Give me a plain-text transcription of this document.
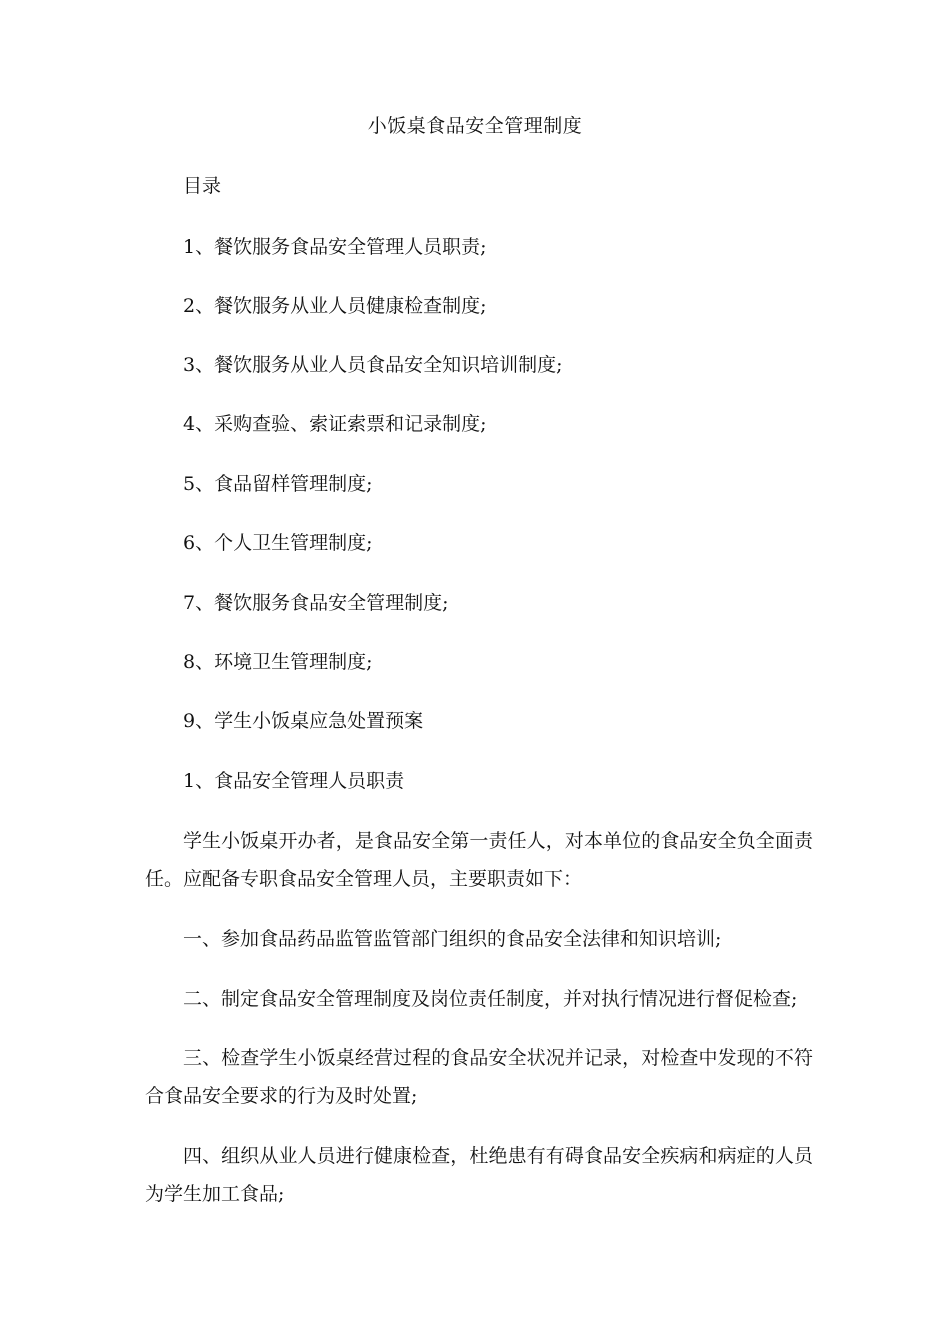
小饭桌食品安全管理制度
目录
1、餐饮服务食品安全管理人员职责;
2、餐饮服务从业人员健康检查制度;
3、餐饮服务从业人员食品安全知识培训制度;
4、采购查验、索证索票和记录制度;
5、食品留样管理制度;
6、个人卫生管理制度;
7、餐饮服务食品安全管理制度;
8、环境卫生管理制度;
9、学生小饭桌应急处置预案
1、食品安全管理人员职责
学生小饭桌开办者，是食品安全第一责任人，对本单位的食品安全负全面责任。应配备专职食品安全管理人员，主要职责如下：
一、参加食品药品监管监管部门组织的食品安全法律和知识培训;
二、制定食品安全管理制度及岗位责任制度，并对执行情况进行督促检查;
三、检查学生小饭桌经营过程的食品安全状况并记录，对检查中发现的不符合食品安全要求的行为及时处置;
四、组织从业人员进行健康检查，杜绝患有有碍食品安全疾病和病症的人员为学生加工食品;
